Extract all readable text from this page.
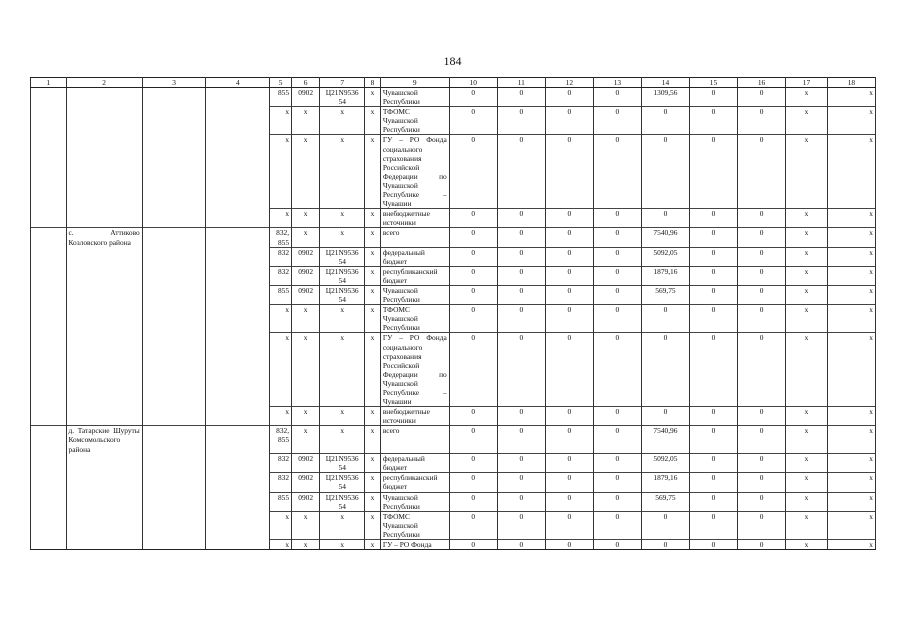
184
1	2	3	4	5	6	7	8	9	10	11	12	13	14	15	16	17	18
				855	0902	Ц21N9536 54	x	Чувашской Республики	0	0	0	0	1309,56	0	0	x	x
				x	x	x	x	ТФОМС Чувашской Республики	0	0	0	0	0	0	0	x	x
				x	x	x	x	ГУ – РО Фонда социального страхования Российской Федерации по Чувашской Республике – Чувашии	0	0	0	0	0	0	0	x	x
				x	x	x	x	внебюджетные источники	0	0	0	0	0	0	0	x	x
	с. Аттиково Козловского района			832, 855	x	x	x	всего	0	0	0	0	7540,96	0	0	x	x
				832	0902	Ц21N9536 54	x	федеральный бюджет	0	0	0	0	5092,05	0	0	x	x
				832	0902	Ц21N9536 54	x	республиканский бюджет	0	0	0	0	1879,16	0	0	x	x
				855	0902	Ц21N9536 54	x	Чувашской Республики	0	0	0	0	569,75	0	0	x	x
				x	x	x	x	ТФОМС Чувашской Республики	0	0	0	0	0	0	0	x	x
				x	x	x	x	ГУ – РО Фонда социального страхования Российской Федерации по Чувашской Республике – Чувашии	0	0	0	0	0	0	0	x	x
				x	x	x	x	внебюджетные источники	0	0	0	0	0	0	0	x	x
	д. Татарские Шуруты Комсомольского района			832, 855	x	x	x	всего	0	0	0	0	7540,96	0	0	x	x
				832	0902	Ц21N9536 54	x	федеральный бюджет	0	0	0	0	5092,05	0	0	x	x
				832	0902	Ц21N9536 54	x	республиканский бюджет	0	0	0	0	1879,16	0	0	x	x
				855	0902	Ц21N9536 54	x	Чувашской Республики	0	0	0	0	569,75	0	0	x	x
				x	x	x	x	ТФОМС Чувашской Республики	0	0	0	0	0	0	0	x	x
				x	x	x	x	ГУ – РО Фонда	0	0	0	0	0	0	0	x	x
